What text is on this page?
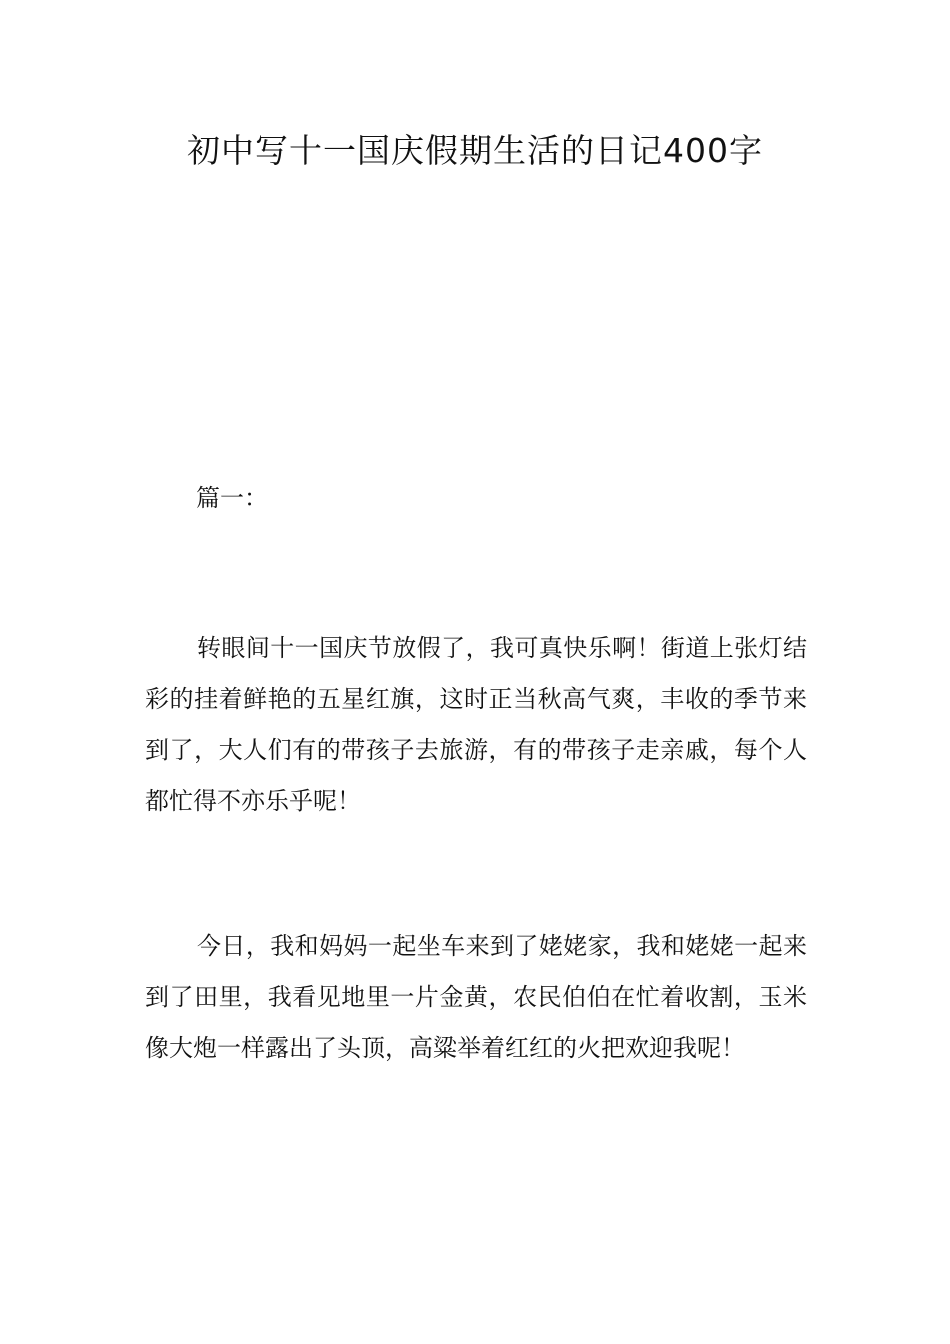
初中写十一国庆假期生活的日记400字

篇一：

转眼间十一国庆节放假了，我可真快乐啊！街道上张灯结彩的挂着鲜艳的五星红旗，这时正当秋高气爽，丰收的季节来到了，大人们有的带孩子去旅游，有的带孩子走亲戚，每个人都忙得不亦乐乎呢！

今日，我和妈妈一起坐车来到了姥姥家，我和姥姥一起来到了田里，我看见地里一片金黄，农民伯伯在忙着收割，玉米像大炮一样露出了头顶，高粱举着红红的火把欢迎我呢！
